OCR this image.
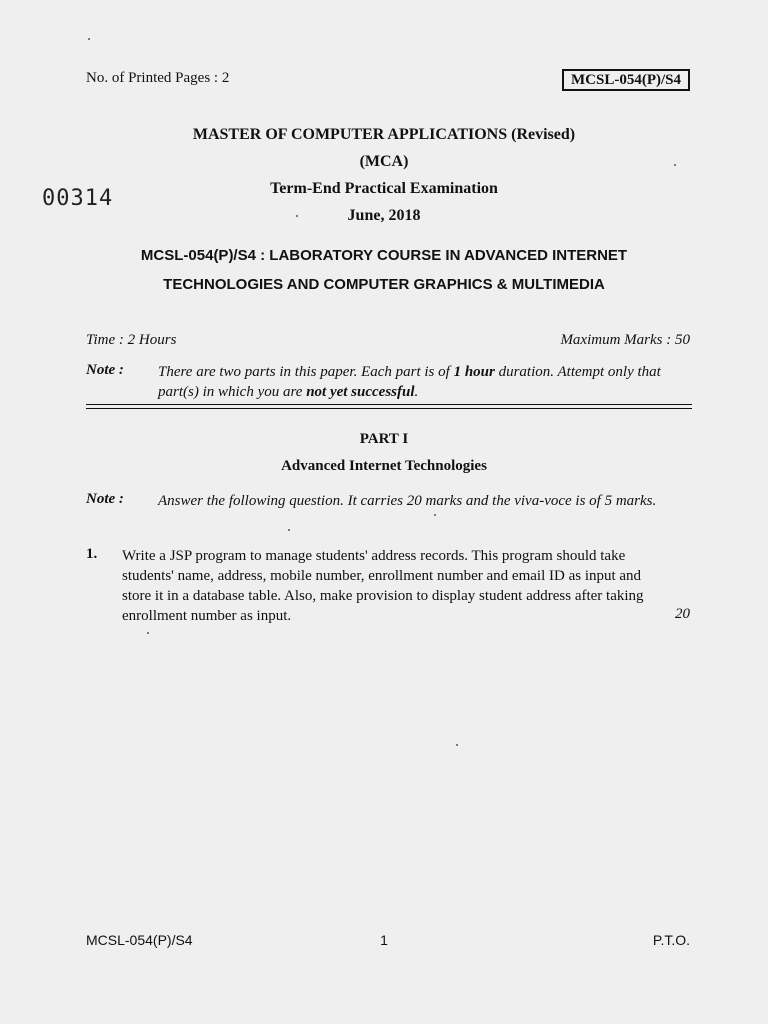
No. of Printed Pages : 2	MCSL-054(P)/S4
00314
MASTER OF COMPUTER APPLICATIONS (Revised)
(MCA)
Term-End Practical Examination
June, 2018
MCSL-054(P)/S4 : LABORATORY COURSE IN ADVANCED INTERNET
TECHNOLOGIES AND COMPUTER GRAPHICS & MULTIMEDIA
Time : 2 Hours	Maximum Marks : 50
Note : There are two parts in this paper. Each part is of 1 hour duration. Attempt only that part(s) in which you are not yet successful.
PART I
Advanced Internet Technologies
Note : Answer the following question. It carries 20 marks and the viva-voce is of 5 marks.
1. Write a JSP program to manage students' address records. This program should take students' name, address, mobile number, enrollment number and email ID as input and store it in a database table. Also, make provision to display student address after taking enrollment number as input.	20
MCSL-054(P)/S4	1	P.T.O.
